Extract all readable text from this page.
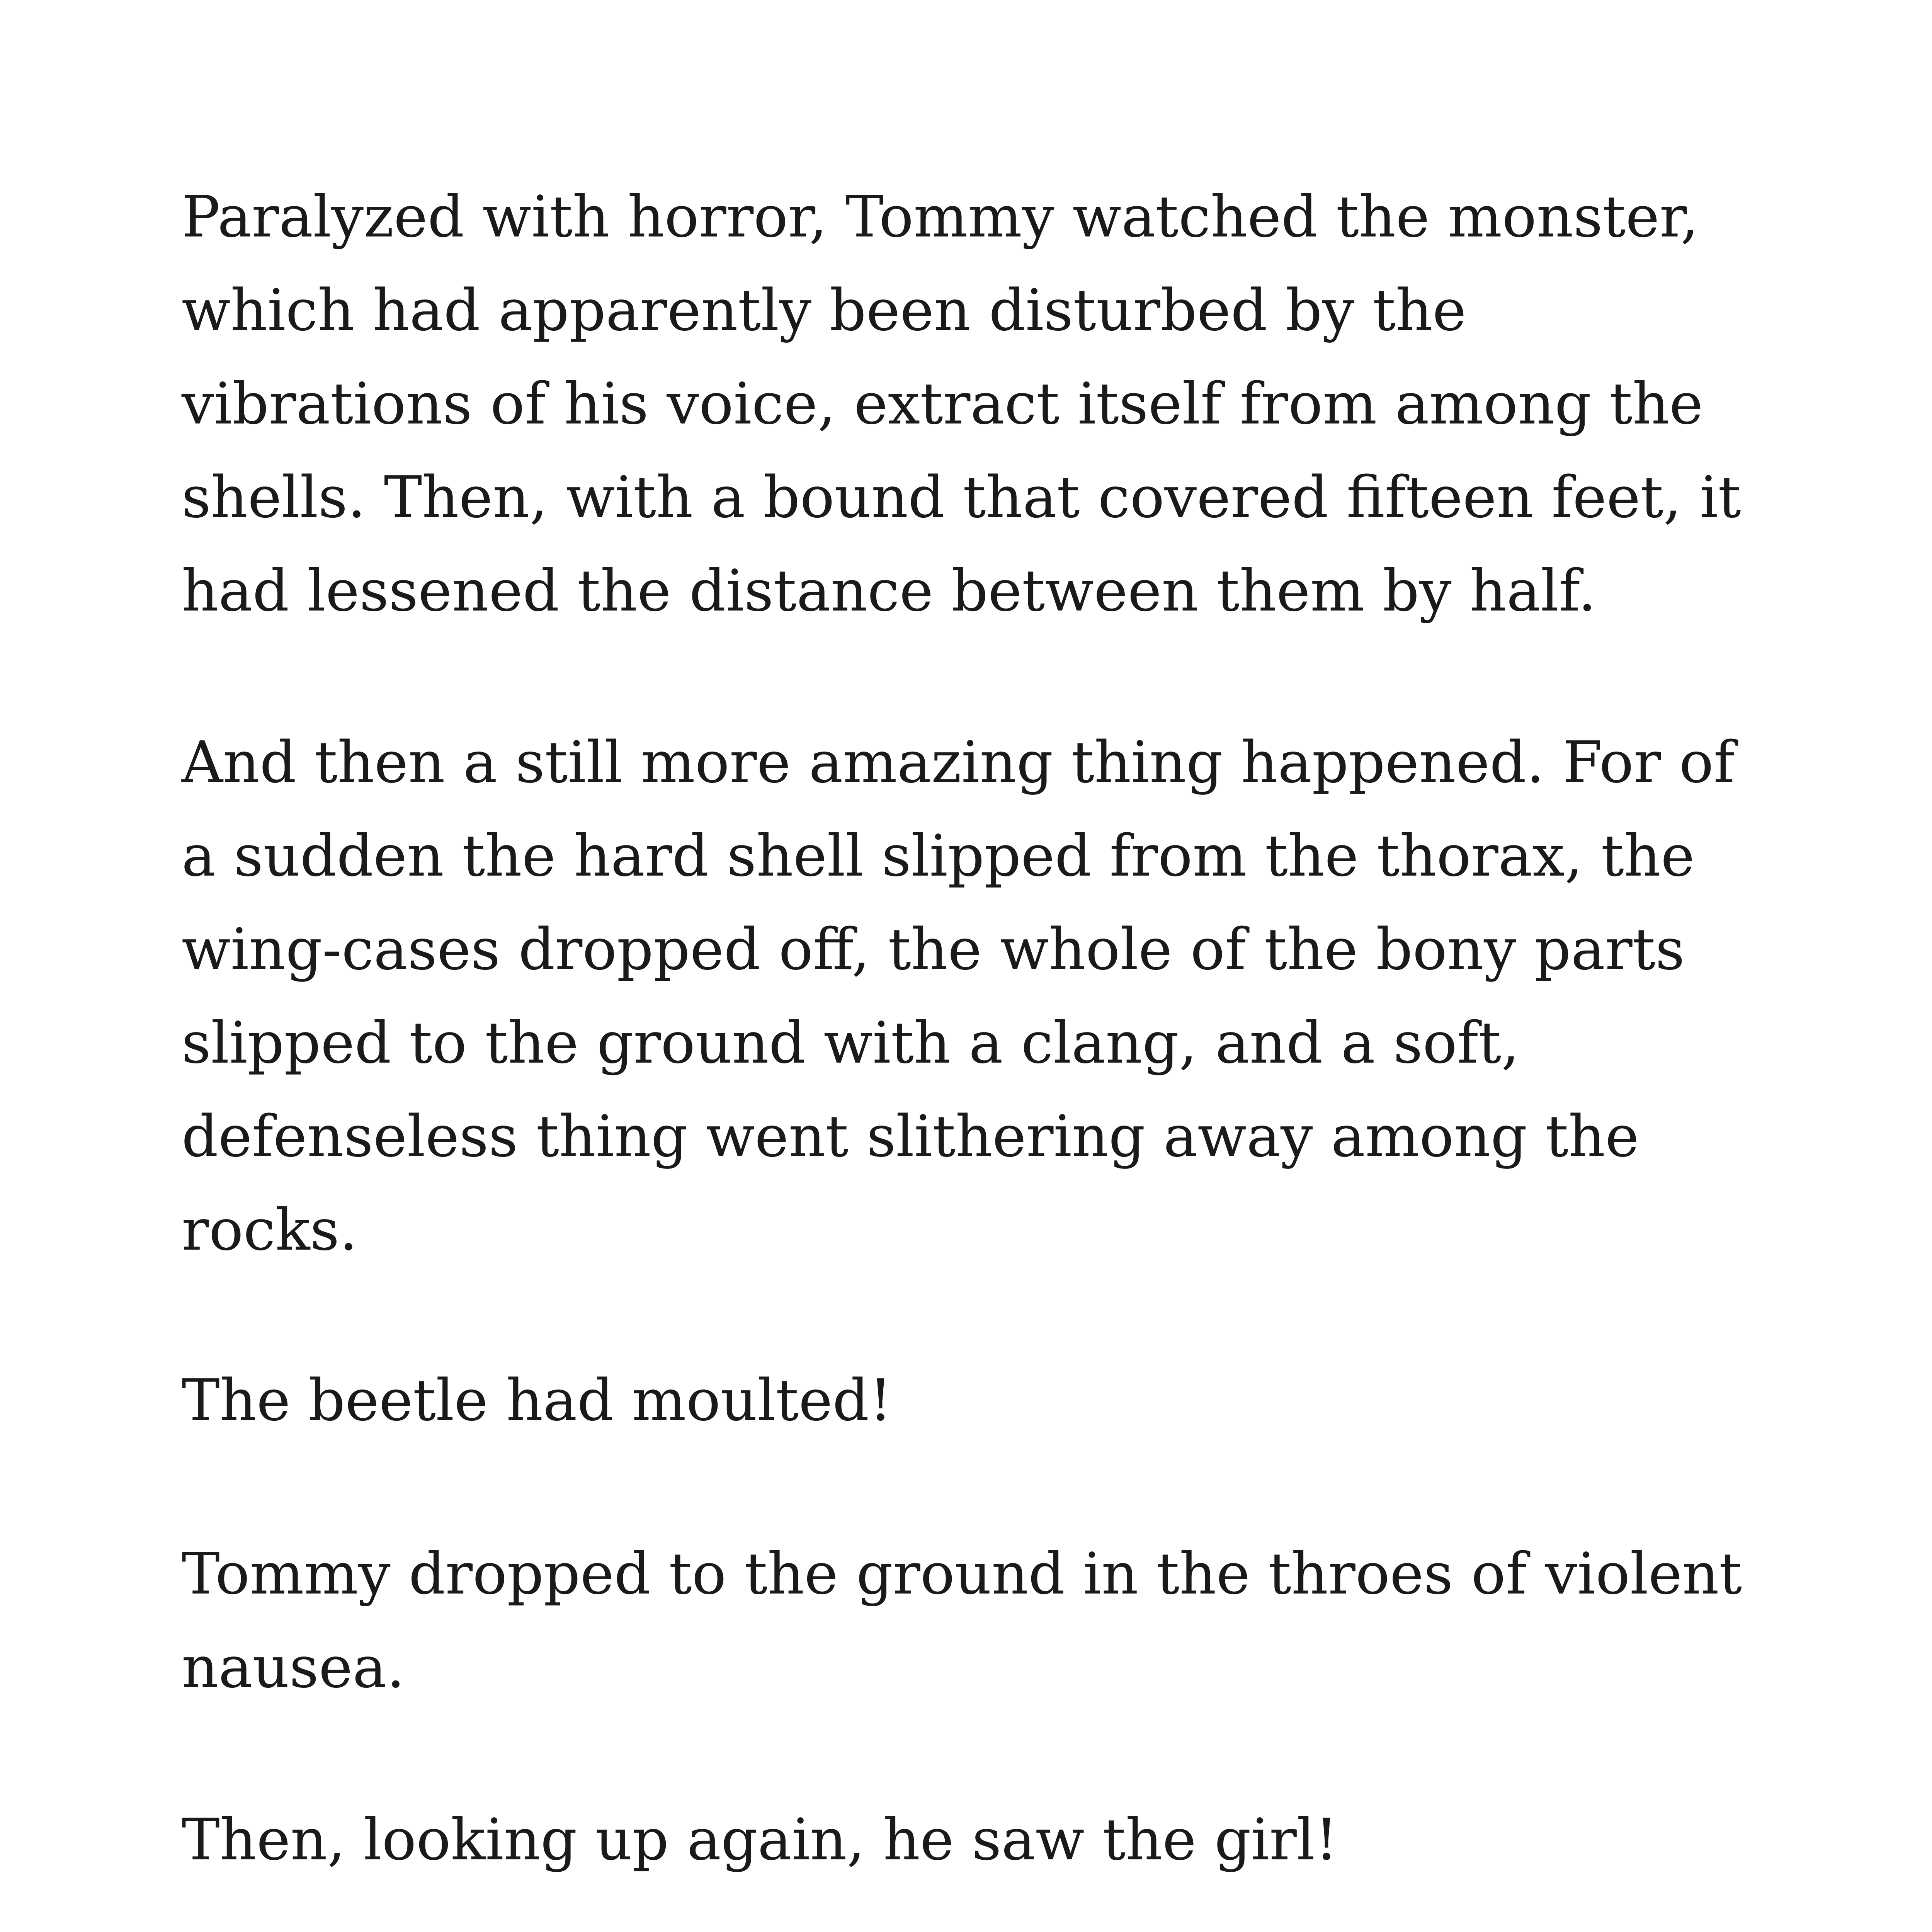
Paralyzed with horror, Tommy watched the monster,
which had apparently been disturbed by the
vibrations of his voice, extract itself from among the
shells. Then, with a bound that covered fifteen feet, it
had lessened the distance between them by half.

And then a still more amazing thing happened. For of
a sudden the hard shell slipped from the thorax, the
wing-cases dropped off, the whole of the bony parts
slipped to the ground with a clang, and a soft,
defenseless thing went slithering away among the
rocks.

The beetle had moulted!

Tommy dropped to the ground in the throes of violent
nausea.

Then, looking up again, he saw the girl!
